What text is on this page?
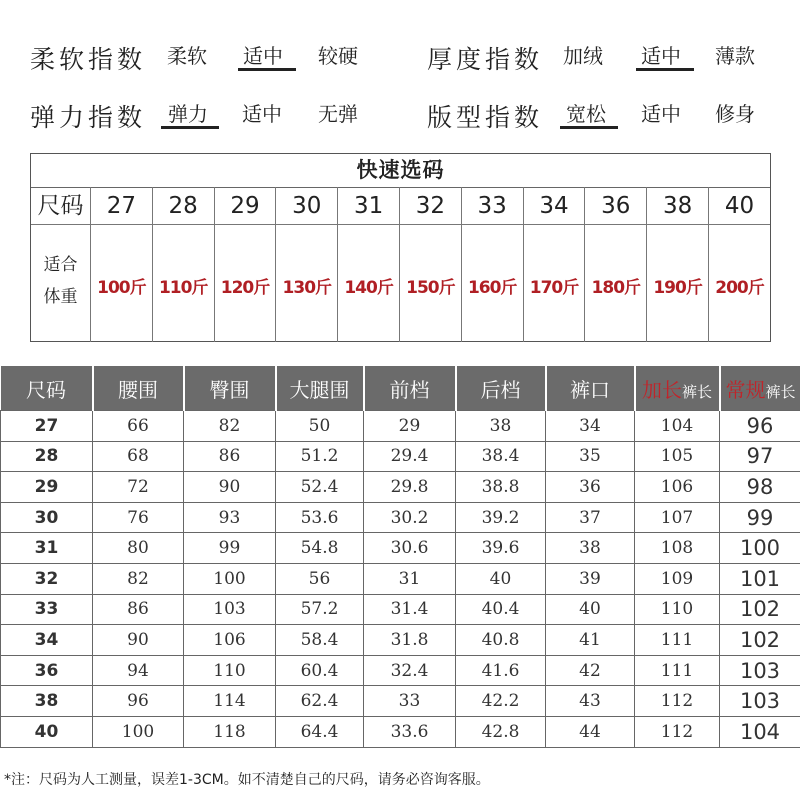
柔软指数 柔软 适中 较硬	厚度指数 加绒 适中 薄款
弹力指数 弹力 适中 无弹	版型指数 宽松 适中 修身
快速选码
尺码	27	28	29	30	31	32	33	34	36	38	40
适合
体重	100斤 110斤 120斤 130斤 140斤 150斤 160斤 170斤 180斤 190斤 200斤
尺码	腰围	臀围	大腿围	前档	后档	裤口	加长裤长	常规裤长
27	66	82	50	29	38	34	104	96
28	68	86	51.2	29.4	38.4	35	105	97
29	72	90	52.4	29.8	38.8	36	106	98
30	76	93	53.6	30.2	39.2	37	107	99
31	80	99	54.8	30.6	39.6	38	108	100
32	82	100	56	31	40	39	109	101
33	86	103	57.2	31.4	40.4	40	110	102
34	90	106	58.4	31.8	40.8	41	111	102
36	94	110	60.4	32.4	41.6	42	111	103
38	96	114	62.4	33	42.2	43	112	103
40	100	118	64.4	33.6	42.8	44	112	104
*注：尺码为人工测量，误差1-3CM。如不清楚自己的尺码，请务必咨询客服。
